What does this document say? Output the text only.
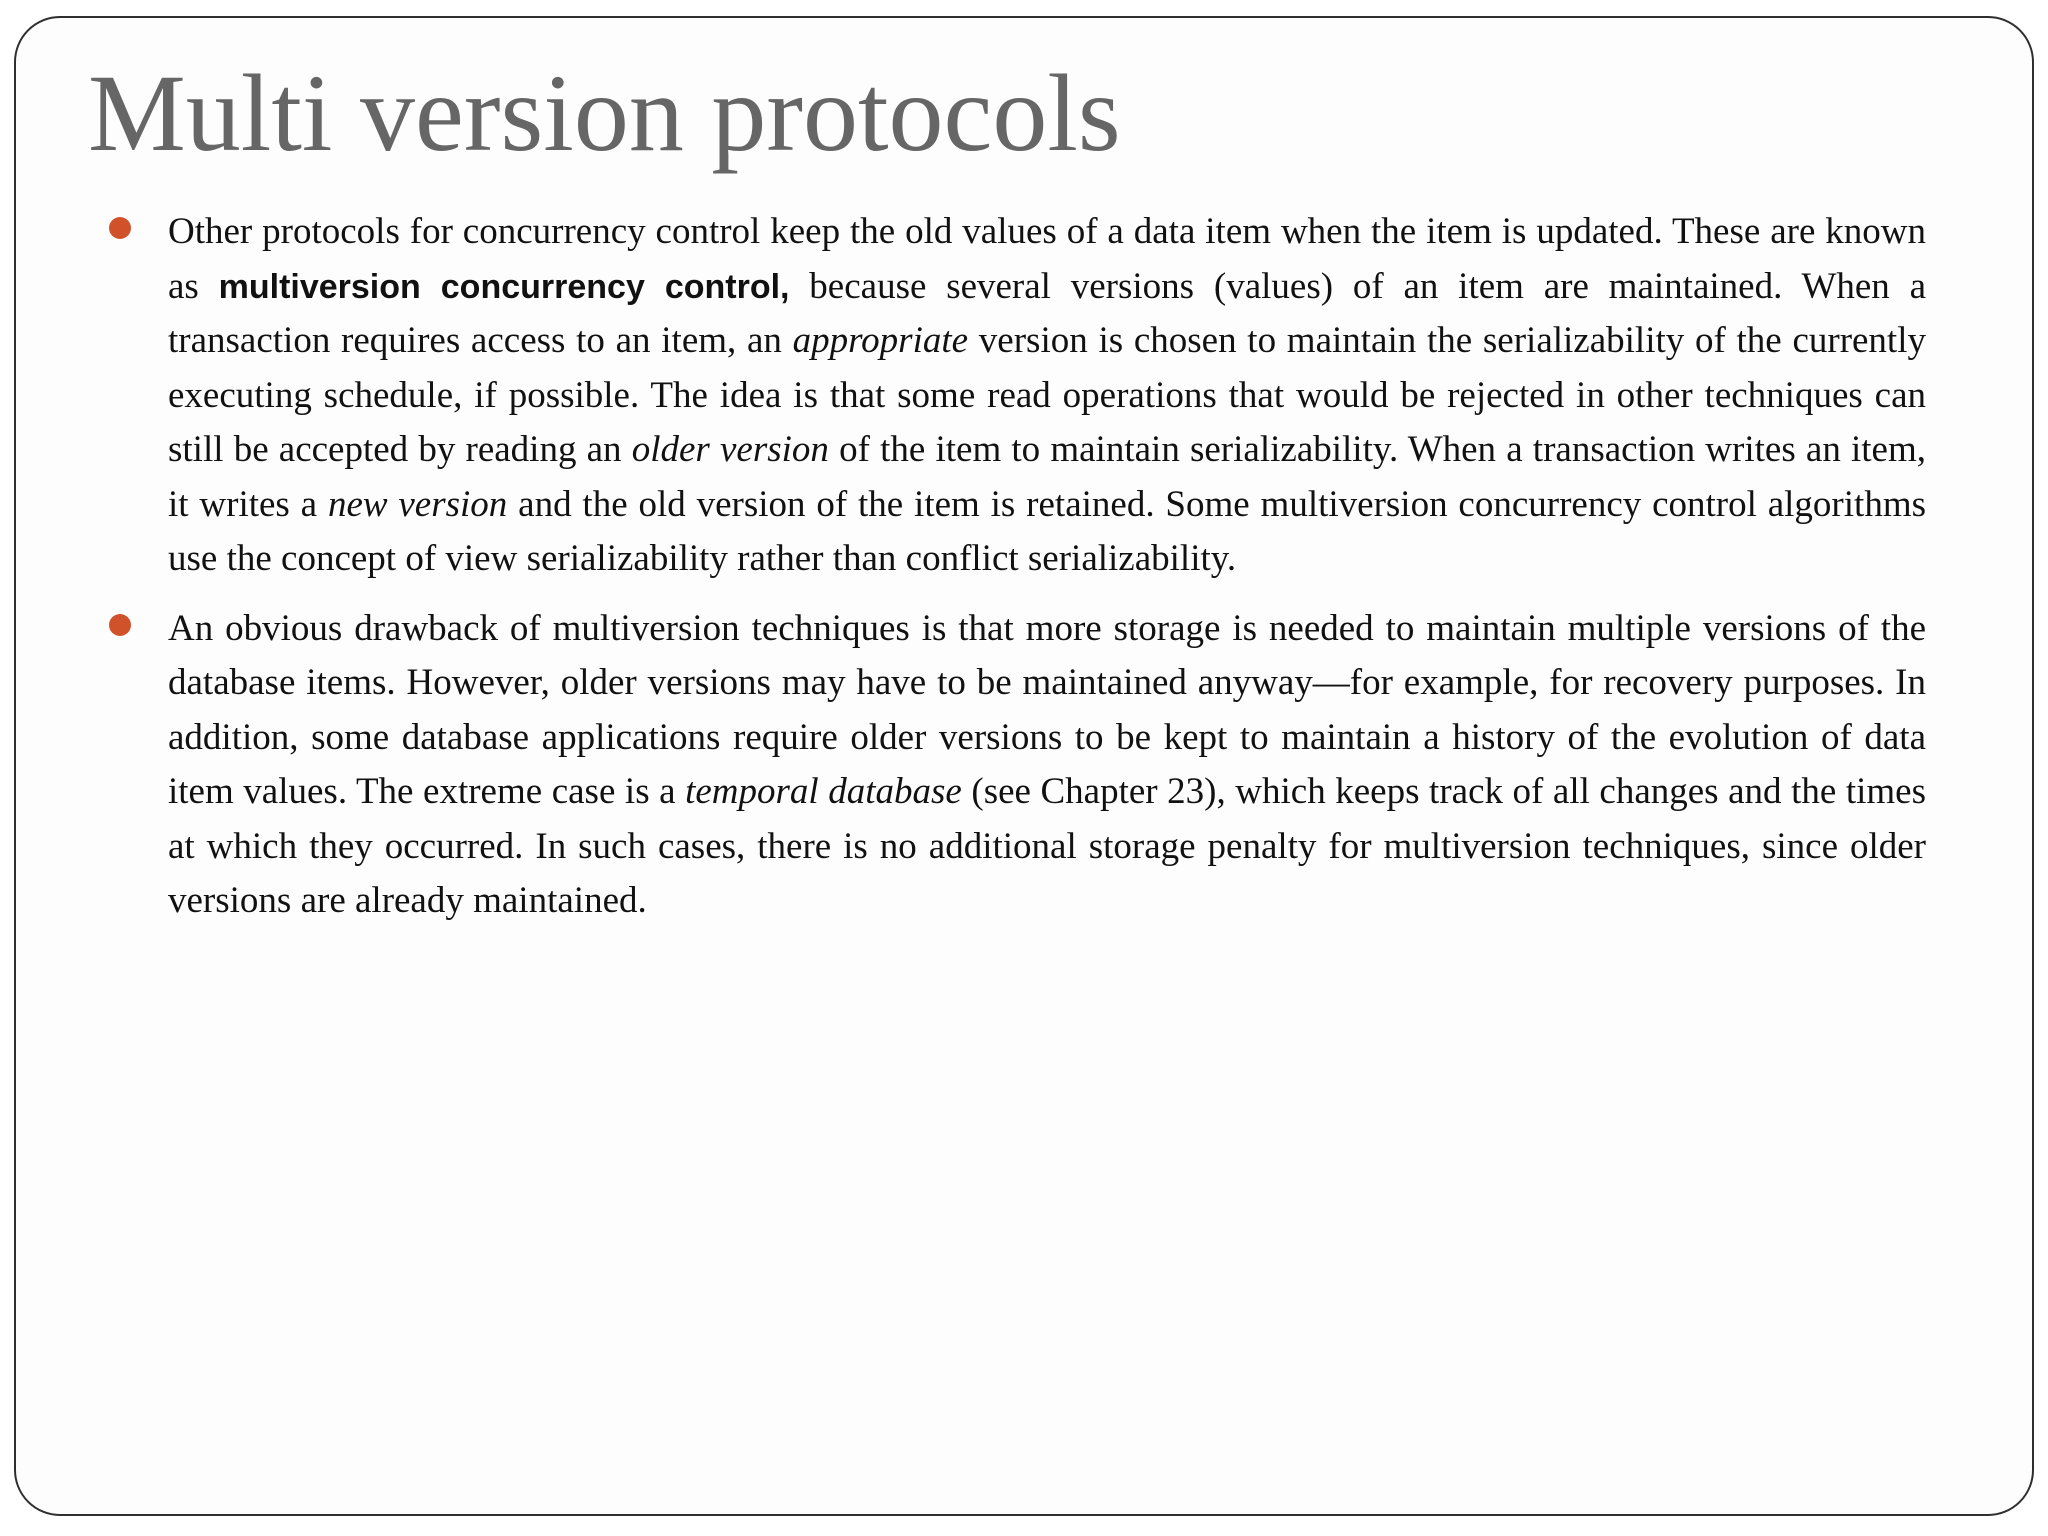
Multi version protocols

Other protocols for concurrency control keep the old values of a data item when the item is updated. These are known as multiversion concurrency control, because several versions (values) of an item are maintained. When a transaction requires access to an item, an appropriate version is chosen to maintain the serializability of the currently executing schedule, if possible. The idea is that some read operations that would be rejected in other techniques can still be accepted by reading an older version of the item to maintain serializability. When a transaction writes an item, it writes a new version and the old version of the item is retained. Some multiversion concurrency control algorithms use the concept of view serializability rather than conflict serializability.

An obvious drawback of multiversion techniques is that more storage is needed to maintain multiple versions of the database items. However, older versions may have to be maintained anyway—for example, for recovery purposes. In addition, some database applications require older versions to be kept to maintain a history of the evolution of data item values. The extreme case is a temporal database (see Chapter 23), which keeps track of all changes and the times at which they occurred. In such cases, there is no additional storage penalty for multiversion techniques, since older versions are already maintained.
